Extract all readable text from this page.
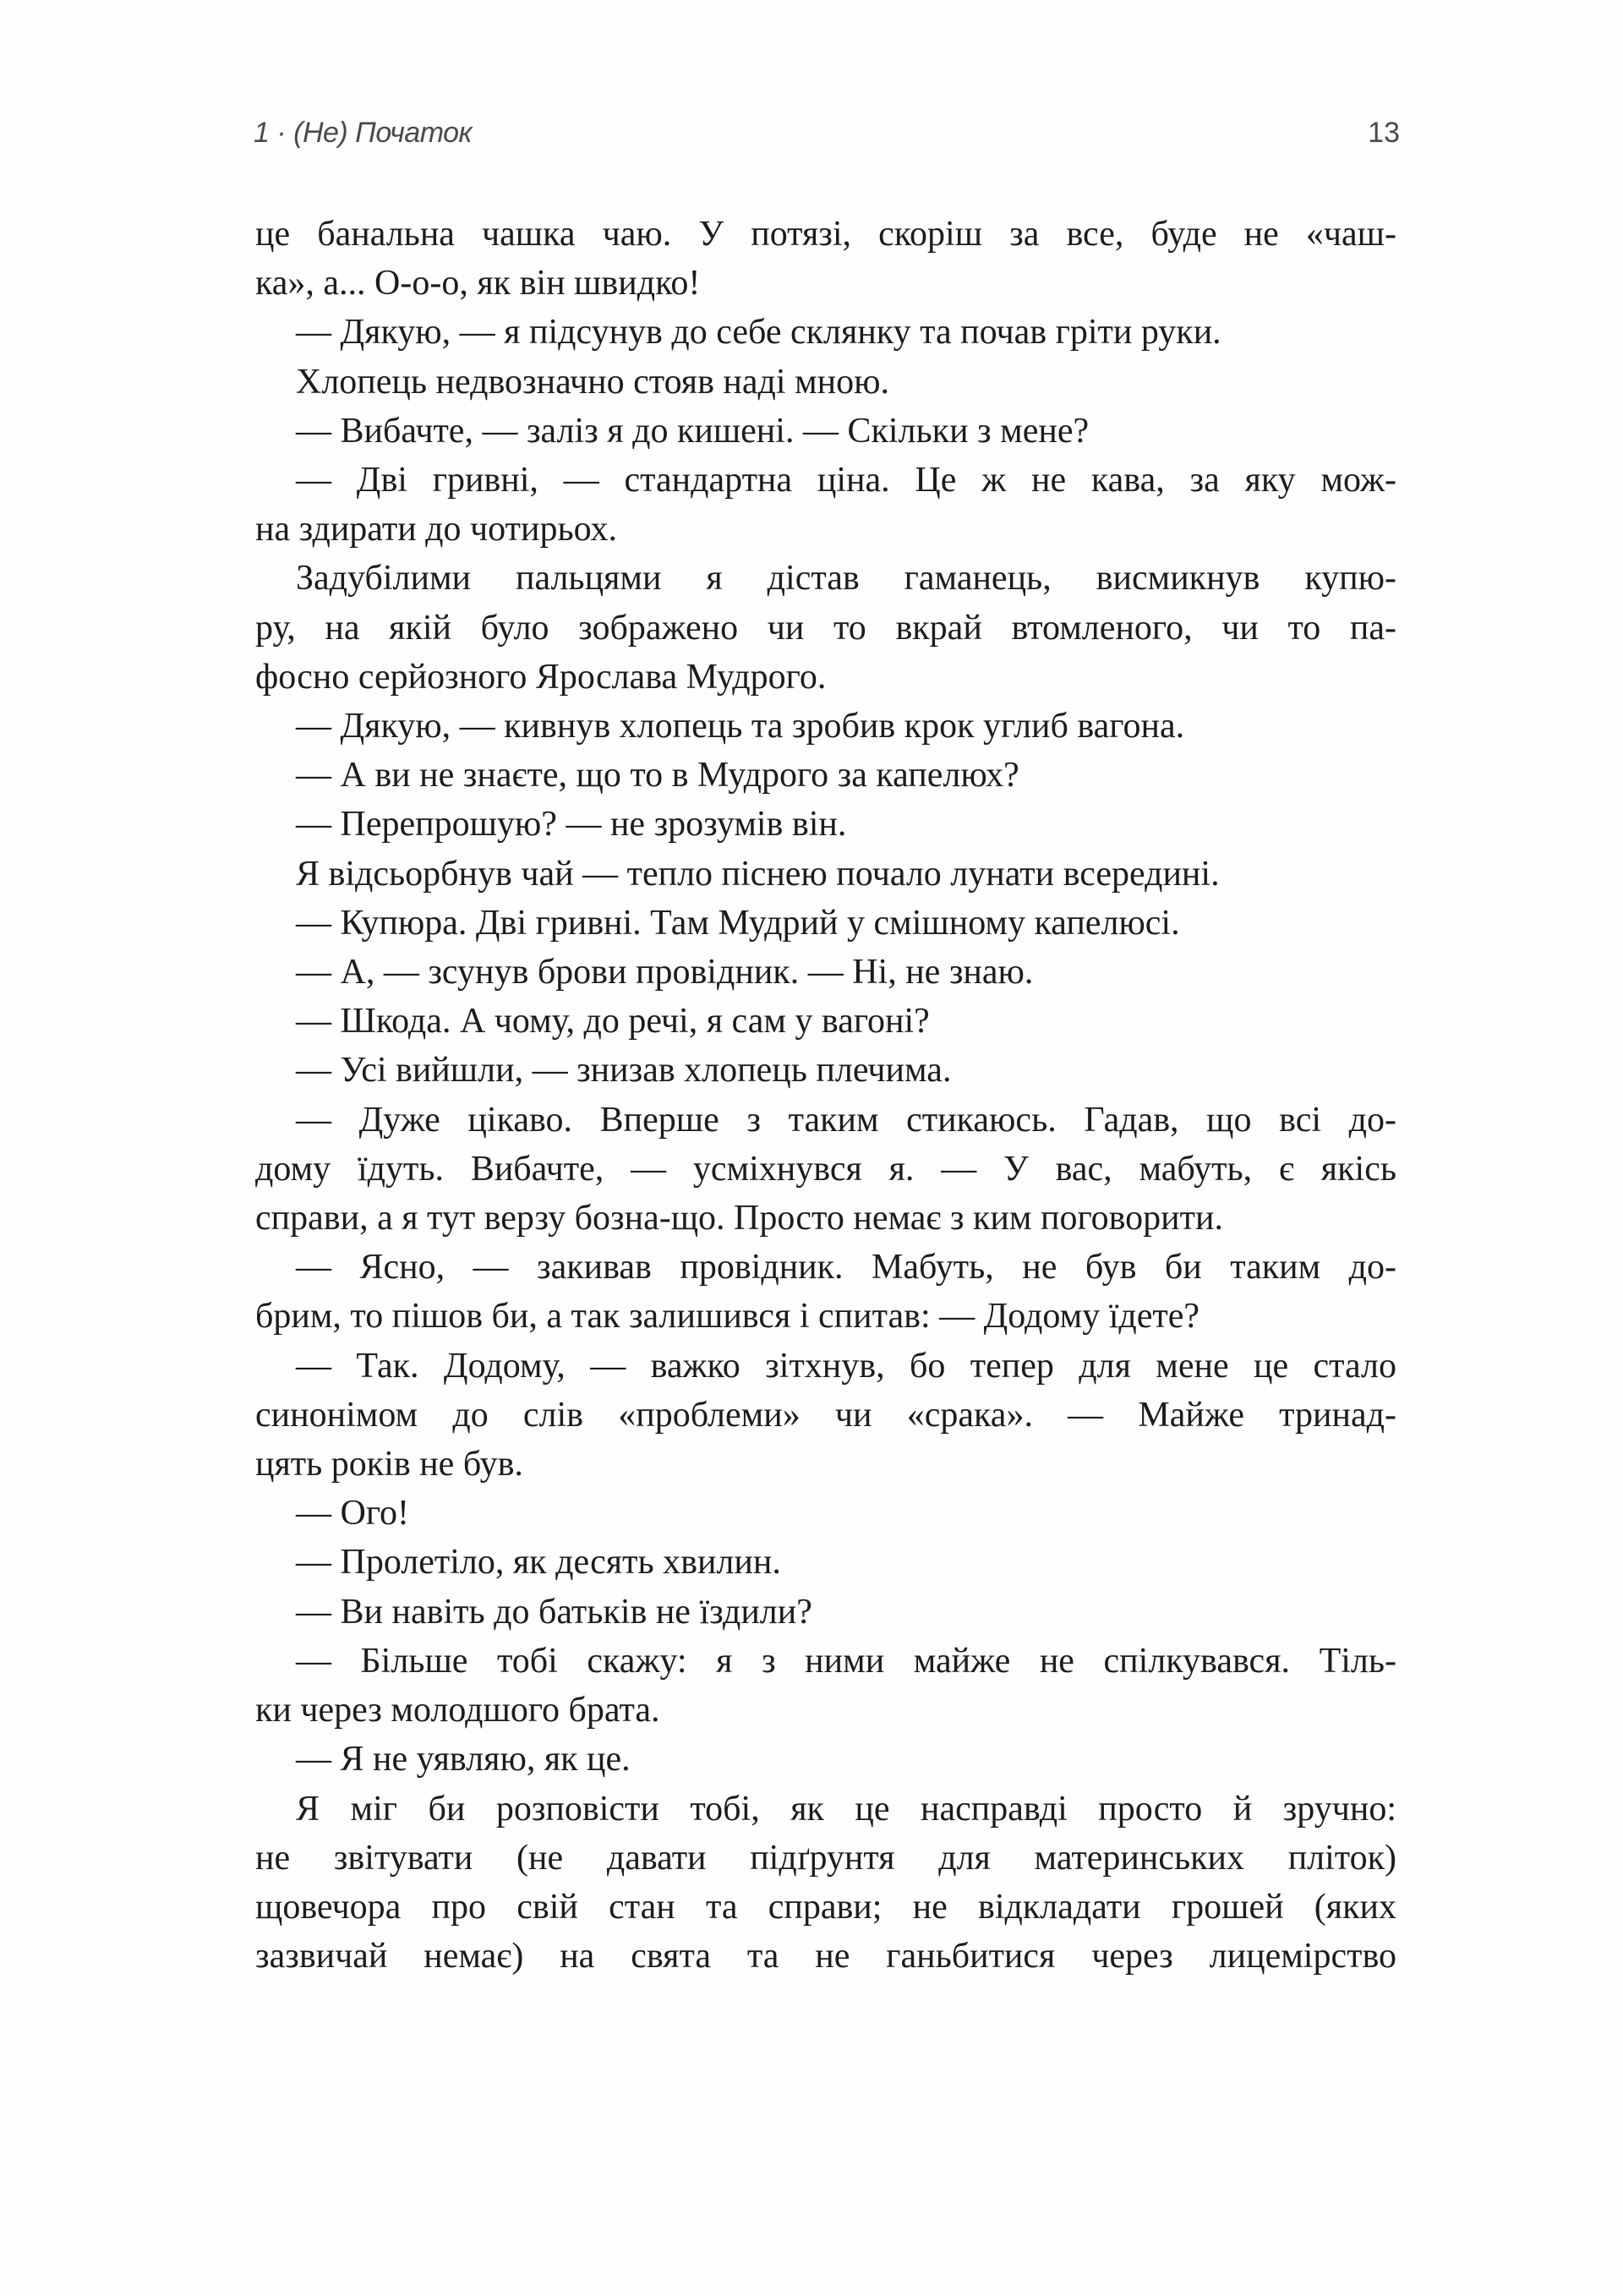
1 · (Не) Початок	13

це банальна чашка чаю. У потязі, скоріш за все, буде не «чаш-
ка», а... О-о-о, як він швидко!

— Дякую, — я підсунув до себе склянку та почав гріти руки.

Хлопець недвозначно стояв наді мною.

— Вибачте, — заліз я до кишені. — Скільки з мене?

— Дві гривні, — стандартна ціна. Це ж не кава, за яку мож-
на здирати до чотирьох.

Задубілими пальцями я дістав гаманець, висмикнув купю-
ру, на якій було зображено чи то вкрай втомленого, чи то па-
фосно серйозного Ярослава Мудрого.

— Дякую, — кивнув хлопець та зробив крок углиб вагона.

— А ви не знаєте, що то в Мудрого за капелюх?

— Перепрошую? — не зрозумів він.

Я відсьорбнув чай — тепло піснею почало лунати всередині.

— Купюра. Дві гривні. Там Мудрий у смішному капелюсі.

— А, — зсунув брови провідник. — Ні, не знаю.

— Шкода. А чому, до речі, я сам у вагоні?

— Усі вийшли, — знизав хлопець плечима.

— Дуже цікаво. Вперше з таким стикаюсь. Гадав, що всі до-
дому їдуть. Вибачте, — усміхнувся я. — У вас, мабуть, є якісь
справи, а я тут верзу бозна-що. Просто немає з ким поговорити.

— Ясно, — закивав провідник. Мабуть, не був би таким до-
брим, то пішов би, а так залишився і спитав: — Додому їдете?

— Так. Додому, — важко зітхнув, бо тепер для мене це стало
синонімом до слів «проблеми» чи «срака». — Майже тринад-
цять років не був.

— Ого!

— Пролетіло, як десять хвилин.

— Ви навіть до батьків не їздили?

— Більше тобі скажу: я з ними майже не спілкувався. Тіль-
ки через молодшого брата.

— Я не уявляю, як це.

Я міг би розповісти тобі, як це насправді просто й зручно:
не звітувати (не давати підґрунтя для материнських пліток)
щовечора про свій стан та справи; не відкладати грошей (яких
зазвичай немає) на свята та не ганьбитися через лицемірство
